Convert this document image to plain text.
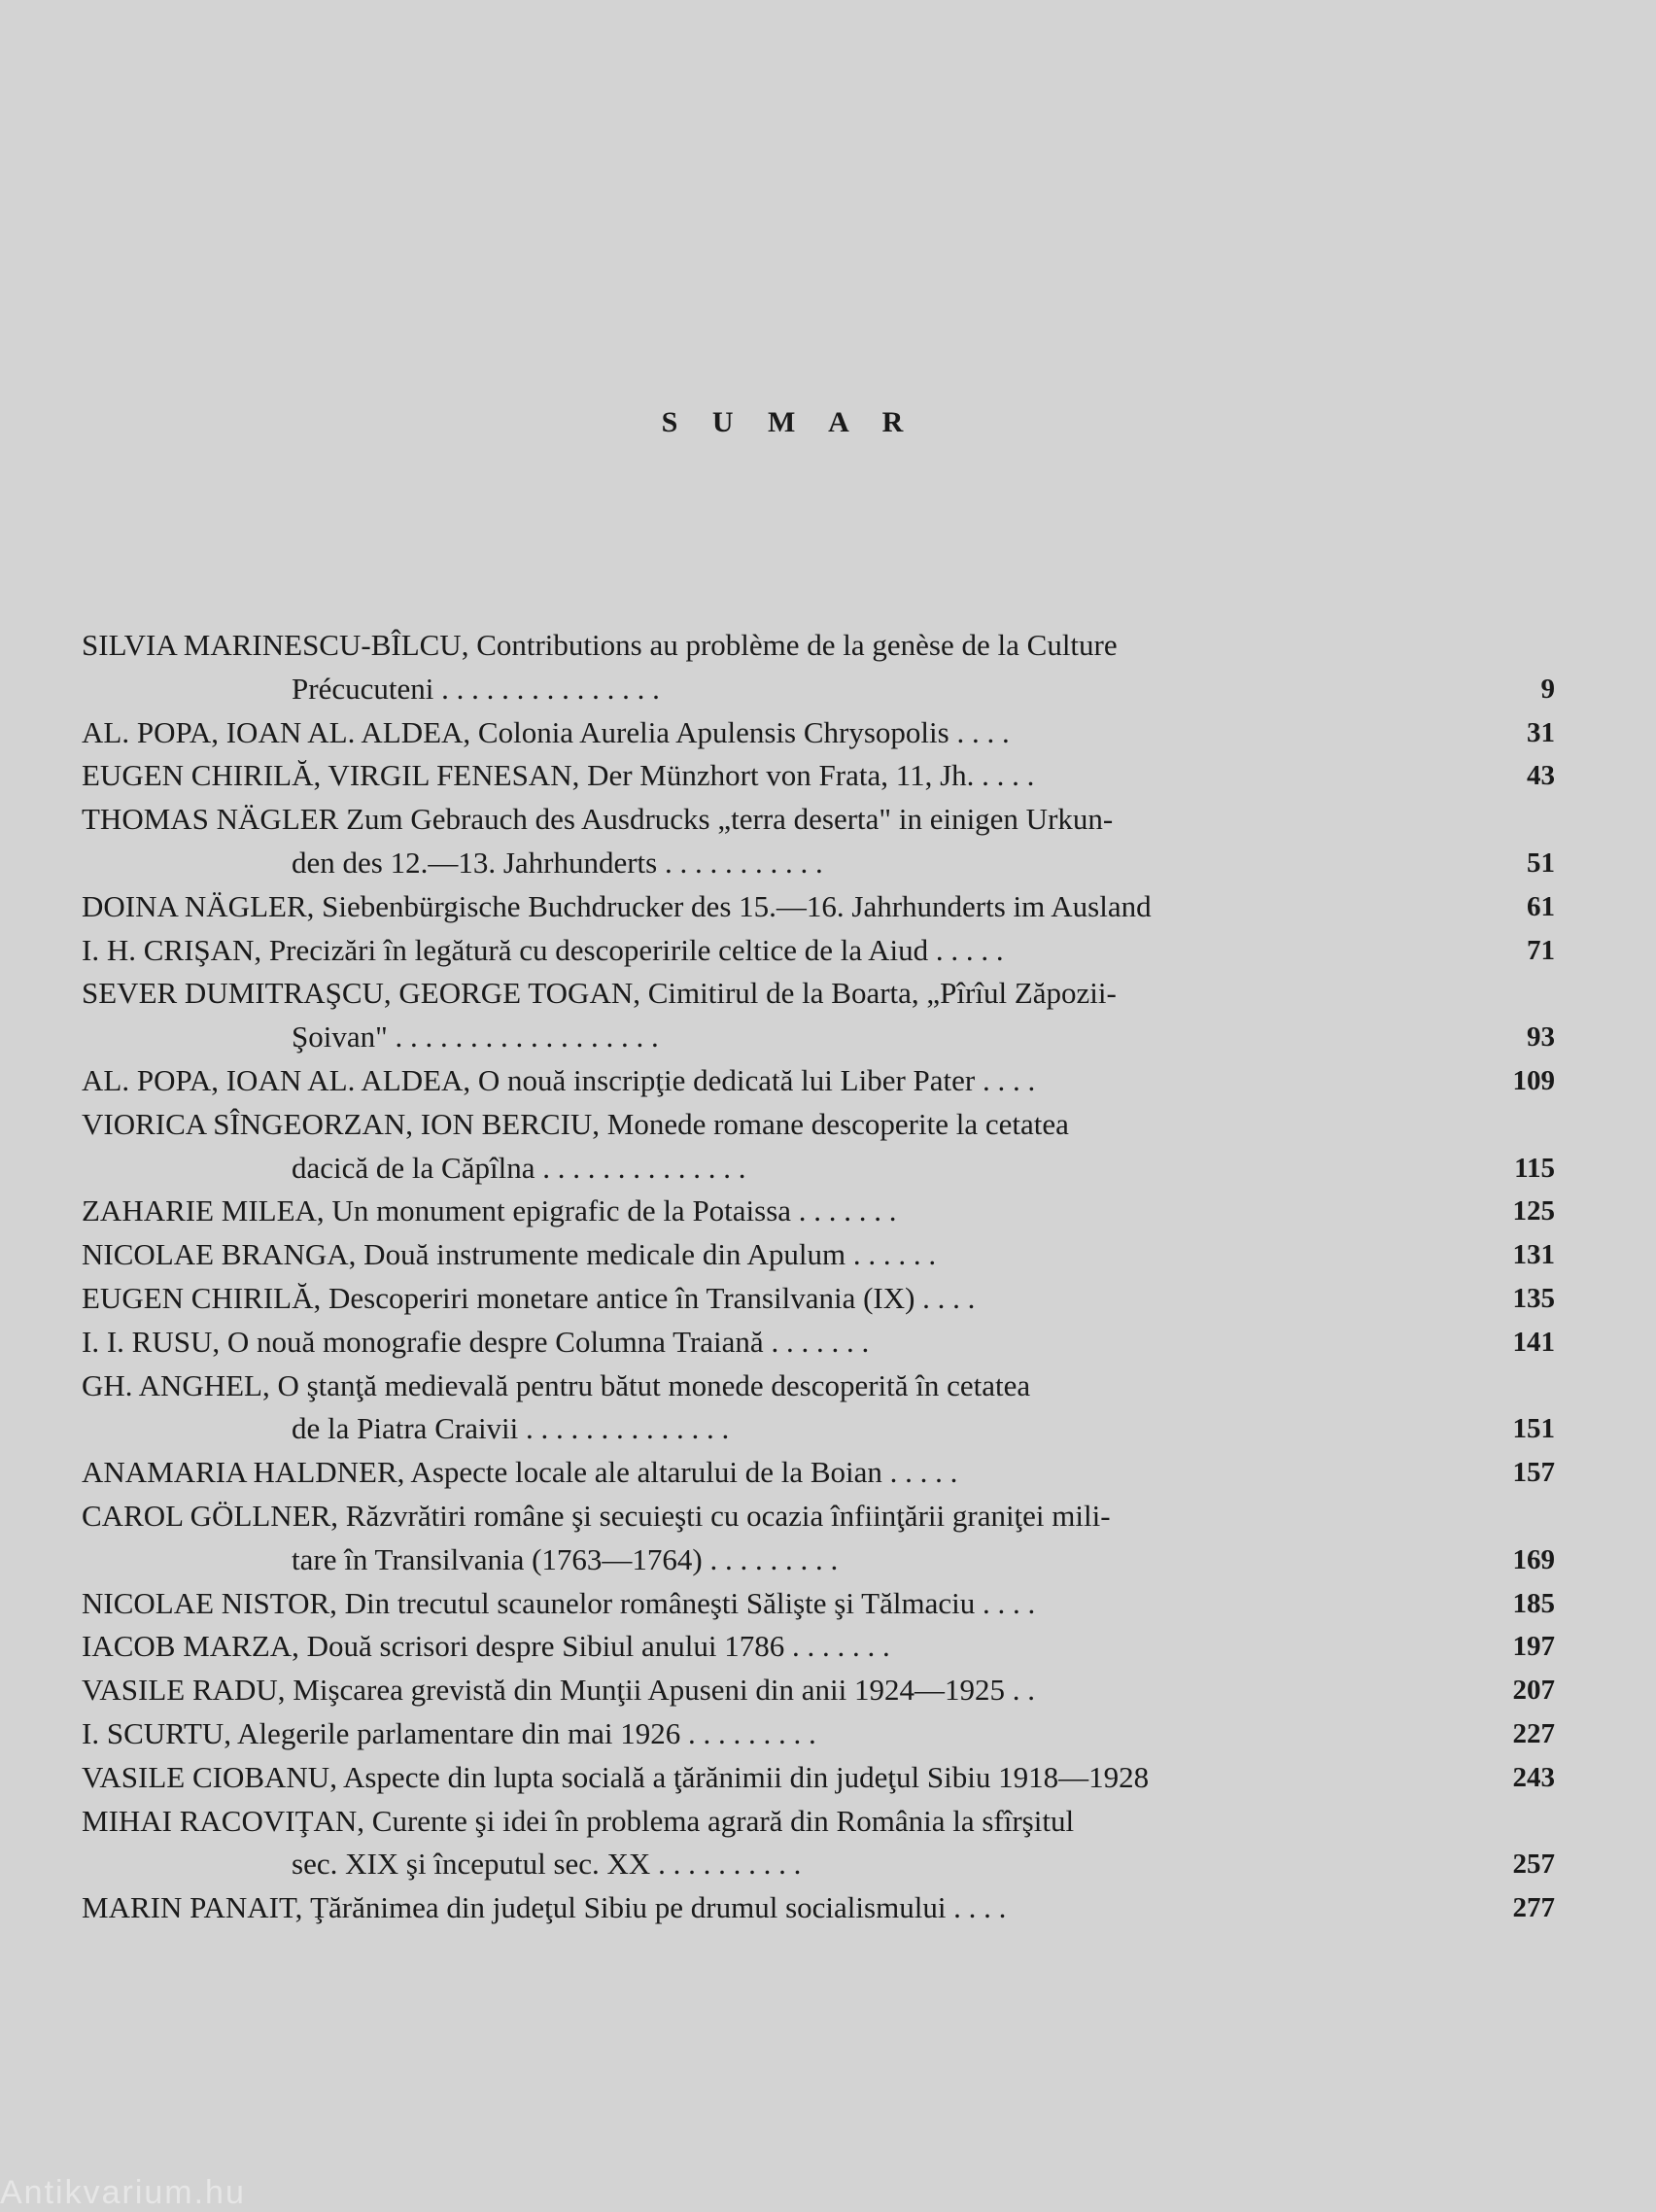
S U M A R
SILVIA MARINESCU-BÎLCU, Contributions au problème de la genèse de la Culture
Précucuteni . . . . . . . . . . . . . . .	9
AL. POPA, IOAN AL. ALDEA, Colonia Aurelia Apulensis Chrysopolis . . . .	31
EUGEN CHIRILĂ, VIRGIL FENESAN, Der Münzhort von Frata, 11, Jh. . . . .	43
THOMAS NÄGLER Zum Gebrauch des Ausdrucks „terra deserta" in einigen Urkun-
den des 12.—13. Jahrhunderts . . . . . . . . . . .	51
DOINA NÄGLER, Siebenbürgische Buchdrucker des 15.—16. Jahrhunderts im Ausland	61
I. H. CRIŞAN, Precizări în legătură cu descoperirile celtice de la Aiud . . . . .	71
SEVER DUMITRAŞCU, GEORGE TOGAN, Cimitirul de la Boarta, „Pîrîul Zăpozii-
Şoivan" . . . . . . . . . . . . . . . . . .	93
AL. POPA, IOAN AL. ALDEA, O nouă inscripţie dedicată lui Liber Pater . . . .	109
VIORICA SÎNGEORZAN, ION BERCIU, Monede romane descoperite la cetatea
dacică de la Căpîlna . . . . . . . . . . . . . .	115
ZAHARIE MILEA, Un monument epigrafic de la Potaissa . . . . . . .	125
NICOLAE BRANGA, Două instrumente medicale din Apulum . . . . . .	131
EUGEN CHIRILĂ, Descoperiri monetare antice în Transilvania (IX) . . . .	135
I. I. RUSU, O nouă monografie despre Columna Traiană . . . . . . .	141
GH. ANGHEL, O ştanţă medievală pentru bătut monede descoperită în cetatea
de la Piatra Craivii . . . . . . . . . . . . . .	151
ANAMARIA HALDNER, Aspecte locale ale altarului de la Boian . . . . .	157
CAROL GÖLLNER, Răzvrătiri române şi secuieşti cu ocazia înfiinţării graniţei mili-
tare în Transilvania (1763—1764) . . . . . . . . .	169
NICOLAE NISTOR, Din trecutul scaunelor româneşti Sălişte şi Tălmaciu . . . .	185
IACOB MARZA, Două scrisori despre Sibiul anului 1786 . . . . . . .	197
VASILE RADU, Mişcarea grevistă din Munţii Apuseni din anii 1924—1925 . .	207
I. SCURTU, Alegerile parlamentare din mai 1926 . . . . . . . . .	227
VASILE CIOBANU, Aspecte din lupta socială a ţărănimii din judeţul Sibiu 1918—1928	243
MIHAI RACOVIŢAN, Curente şi idei în problema agrară din România la sfîrşitul
sec. XIX şi începutul sec. XX . . . . . . . . . .	257
MARIN PANAIT, Ţărănimea din judeţul Sibiu pe drumul socialismului . . . .	277
Antikvarium.hu
